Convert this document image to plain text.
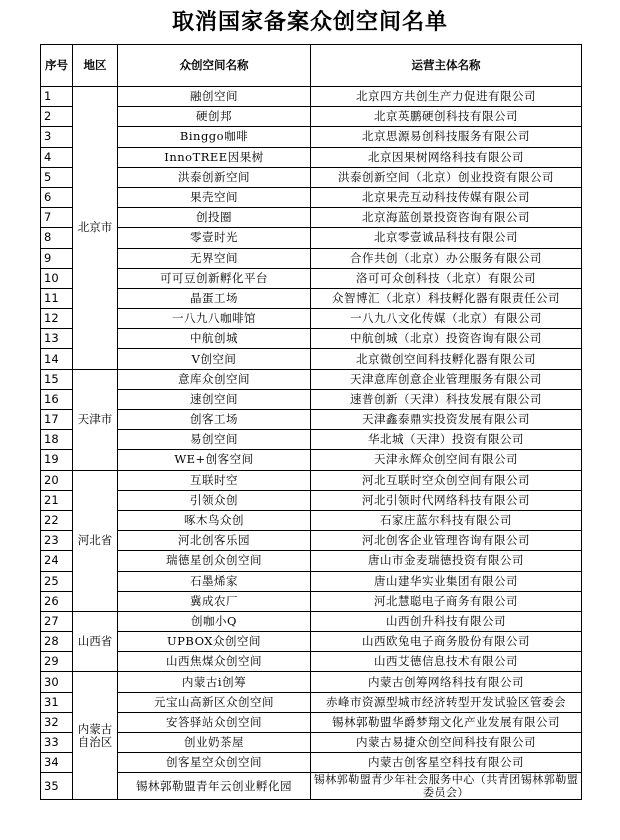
取消国家备案众创空间名单
序号	地区	众创空间名称	运营主体名称
1	北京市	融创空间	北京四方共创生产力促进有限公司
2		硬创邦	北京英鹏硬创科技有限公司
3		Binggo咖啡	北京思源易创科技服务有限公司
4		InnoTREE因果树	北京因果树网络科技有限公司
5		洪泰创新空间	洪泰创新空间（北京）创业投资有限公司
6		果壳空间	北京果壳互动科技传媒有限公司
7		创投圈	北京海蓝创景投资咨询有限公司
8		零壹时光	北京零壹诚品科技有限公司
9		无界空间	合作共创（北京）办公服务有限公司
10		可可豆创新孵化平台	洛可可众创科技（北京）有限公司
11		晶蛋工场	众智博汇（北京）科技孵化器有限责任公司
12		一八九八咖啡馆	一八九八文化传媒（北京）有限公司
13		中航创城	中航创城（北京）投资咨询有限公司
14		V创空间	北京微创空间科技孵化器有限公司
15	天津市	意库众创空间	天津意库创意企业管理服务有限公司
16		速创空间	速普创新（天津）科技发展有限公司
17		创客工场	天津鑫泰鼎实投资发展有限公司
18		易创空间	华北城（天津）投资有限公司
19		WE+创客空间	天津永辉众创空间有限公司
20	河北省	互联时空	河北互联时空众创空间有限公司
21		引领众创	河北引领时代网络科技有限公司
22		啄木鸟众创	石家庄蓝尔科技有限公司
23		河北创客乐园	河北创客企业管理咨询有限公司
24		瑞德星创众创空间	唐山市金麦瑞德投资有限公司
25		石墨烯家	唐山建华实业集团有限公司
26		冀成农厂	河北慧聪电子商务有限公司
27	山西省	创咖小Q	山西创升科技有限公司
28		UPBOX众创空间	山西欧兔电子商务股份有限公司
29		山西焦煤众创空间	山西艾德信息技术有限公司
30	内蒙古自治区	内蒙古i创筹	内蒙古创筹网络科技有限公司
31		元宝山高新区众创空间	赤峰市资源型城市经济转型开发试验区管委会
32		安答驿站众创空间	锡林郭勒盟华爵梦翔文化产业发展有限公司
33		创业奶茶屋	内蒙古易捷众创空间科技有限公司
34		创客星空众创空间	内蒙古创客星空科技有限公司
35		锡林郭勒盟青年云创业孵化园	锡林郭勒盟青少年社会服务中心（共青团锡林郭勒盟委员会）
